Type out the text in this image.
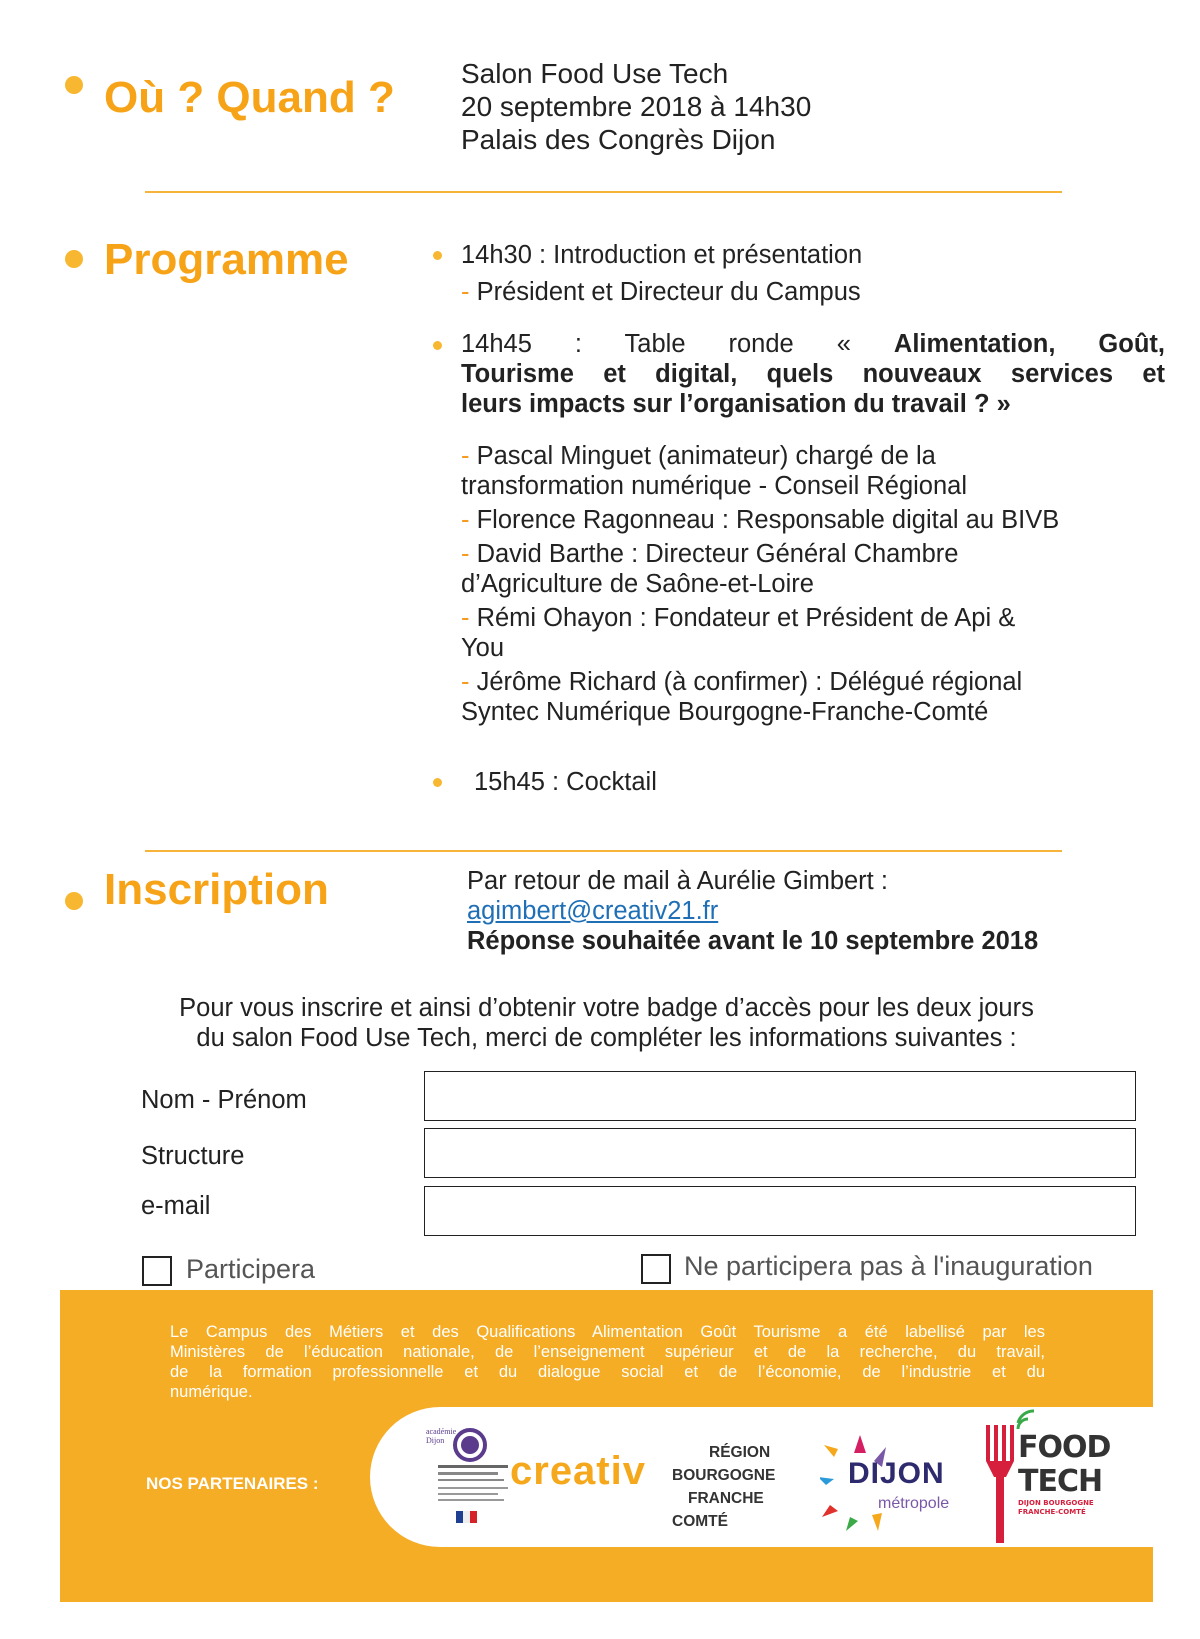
Où ? Quand ? Salon Food Use Tech
20 septembre 2018 à 14h30
Palais des Congrès Dijon
Programme	14h30 : Introduction et présentation
- Président et Directeur du Campus
14h45 : Table ronde « Alimentation, Goût,
Tourisme et digital, quels nouveaux services et
leurs impacts sur l’organisation du travail ? »
- Pascal Minguet (animateur) chargé de la
transformation numérique - Conseil Régional
- Florence Ragonneau : Responsable digital au BIVB
- David Barthe : Directeur Général Chambre
d’Agriculture de Saône-et-Loire
- Rémi Ohayon : Fondateur et Président de Api &
You
- Jérôme Richard (à confirmer) : Délégué régional
Syntec Numérique Bourgogne-Franche-Comté
15h45 : Cocktail
Inscription	Par retour de mail à Aurélie Gimbert :
agimbert@creativ21.fr
Réponse souhaitée avant le 10 septembre 2018
Pour vous inscrire et ainsi d’obtenir votre badge d’accès pour les deux jours
du salon Food Use Tech, merci de compléter les informations suivantes :
Nom - Prénom
Structure
e-mail
Participera	Ne participera pas à l'inauguration
Le Campus des Métiers et des Qualifications Alimentation Goût Tourisme a été labellisé par les
Ministères de l’éducation nationale, de l’enseignement supérieur et de la recherche, du travail,
de la formation professionnelle et du dialogue social et de l’économie, de l’industrie et du
numérique.
NOS PARTENAIRES :
académie Dijon
creativ	RÉGION
BOURGOGNE
FRANCHE
COMTÉ
DIJON
métropole
FOOD
TECH
DIJON BOURGOGNE
FRANCHE-COMTÉ
